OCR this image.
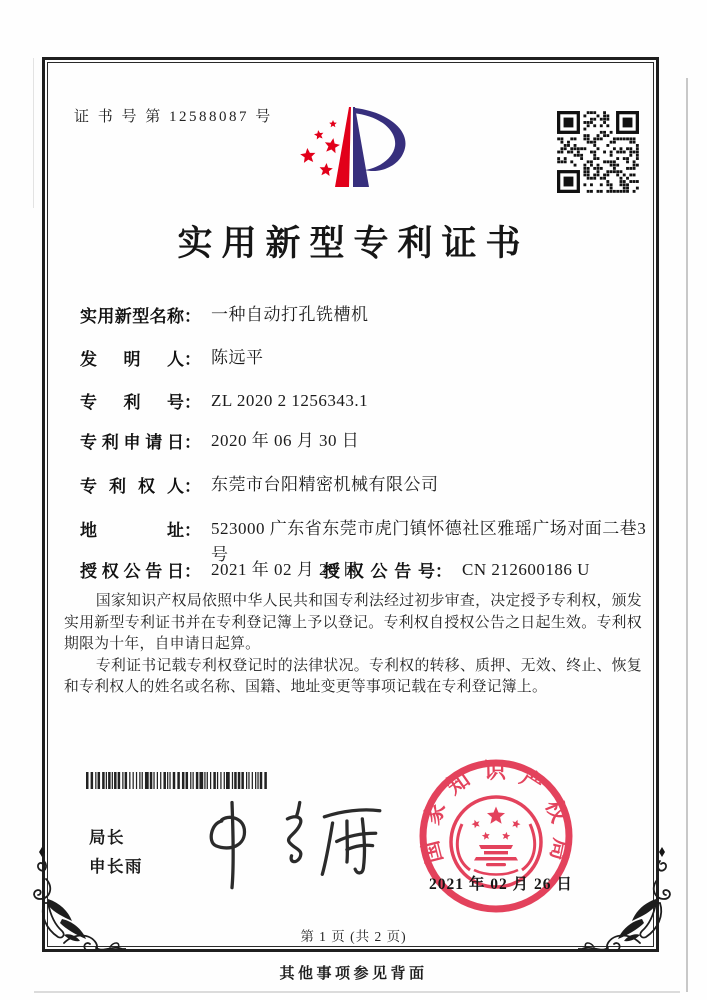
证 书 号 第 12588087 号
实用新型专利证书
实用新型名称 ： 一种自动打孔铣槽机
发明人 ： 陈远平
专利号 ： ZL 2020 2 1256343.1
专利申请日 ： 2020 年 06 月 30 日
专利权人 ： 东莞市台阳精密机械有限公司
地址 ： 523000 广东省东莞市虎门镇怀德社区雅瑶广场对面二巷3号
授权公告日 ： 2021 年 02 月 26 日
授权公告号 ： CN 212600186 U

国家知识产权局依照中华人民共和国专利法经过初步审查，决定授予专利权，颁发实用新型专利证书并在专利登记簿上予以登记。专利权自授权公告之日起生效。专利权期限为十年，自申请日起算。

专利证书记载专利权登记时的法律状况。专利权的转移、质押、无效、终止、恢复和专利权人的姓名或名称、国籍、地址变更等事项记载在专利登记簿上。

局长
申长雨
国家知识产权局
2021 年 02 月 26 日
第 1 页 (共 2 页)
其他事项参见背面
